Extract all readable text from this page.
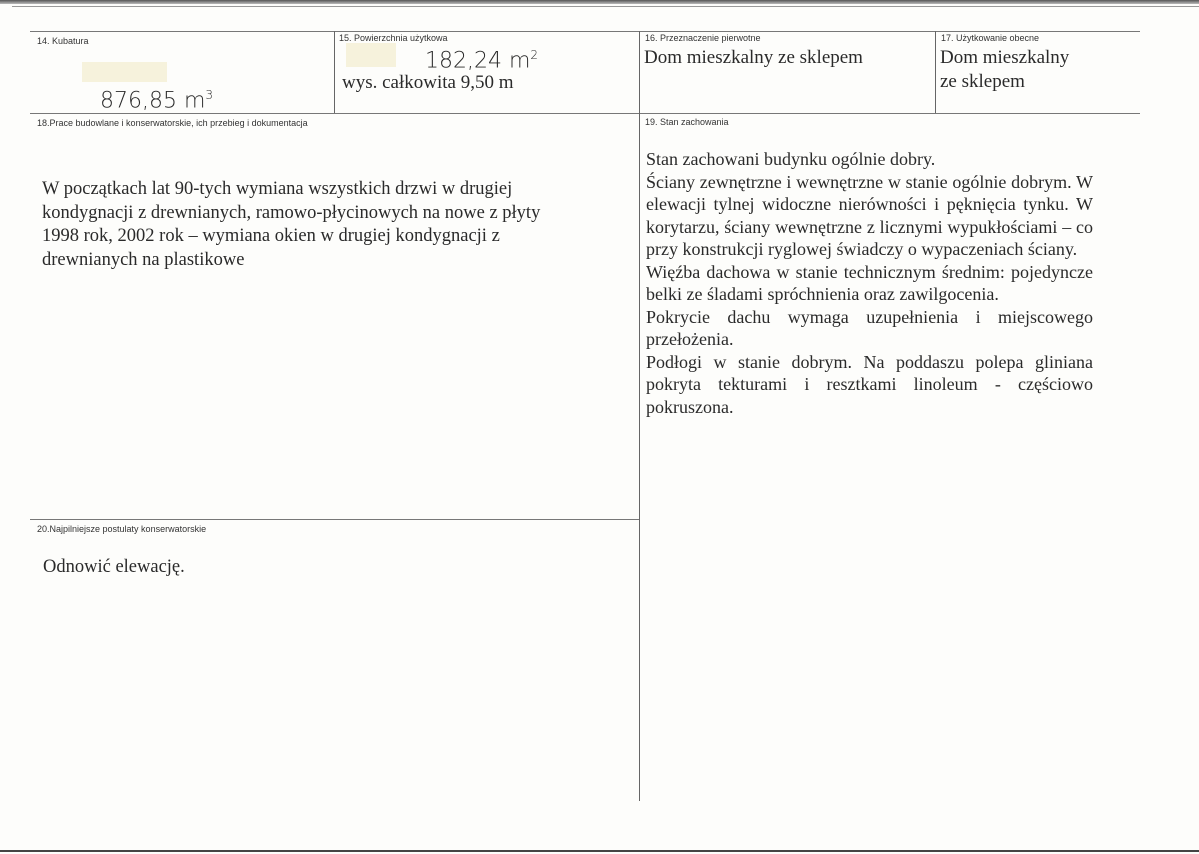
14. Kubatura
876,85 $m^3$
15. Powierzchnia użytkowa
182,24 $m^2$
wys. całkowita 9,50 m
16. Przeznaczenie pierwotne
Dom mieszkalny ze sklepem
17. Użytkowanie obecne
Dom mieszkalny
ze sklepem
18.Prace budowlane i konserwatorskie, ich przebieg i dokumentacja
W początkach lat 90-tych wymiana wszystkich drzwi w drugiej
kondygnacji z drewnianych, ramowo-płycinowych na nowe z płyty
1998 rok, 2002 rok – wymiana okien w drugiej kondygnacji z
drewnianych na plastikowe
19. Stan zachowania

Stan zachowani budynku ogólnie dobry.

Ściany zewnętrzne i wewnętrzne w stanie ogólnie dobrym. W elewacji tylnej widoczne nierówności i pęknięcia tynku. W korytarzu, ściany wewnętrzne z licznymi wypukłościami – co przy konstrukcji ryglowej świadczy o wypaczeniach ściany.

Więźba dachowa w stanie technicznym średnim: pojedyncze belki ze śladami spróchnienia oraz zawilgocenia.

Pokrycie dachu wymaga uzupełnienia i miejscowego przełożenia.

Podłogi w stanie dobrym. Na poddaszu polepa gliniana pokryta tekturami i resztkami linoleum - częściowo pokruszona.

20.Najpilniejsze postulaty konserwatorskie
Odnowić elewację.
